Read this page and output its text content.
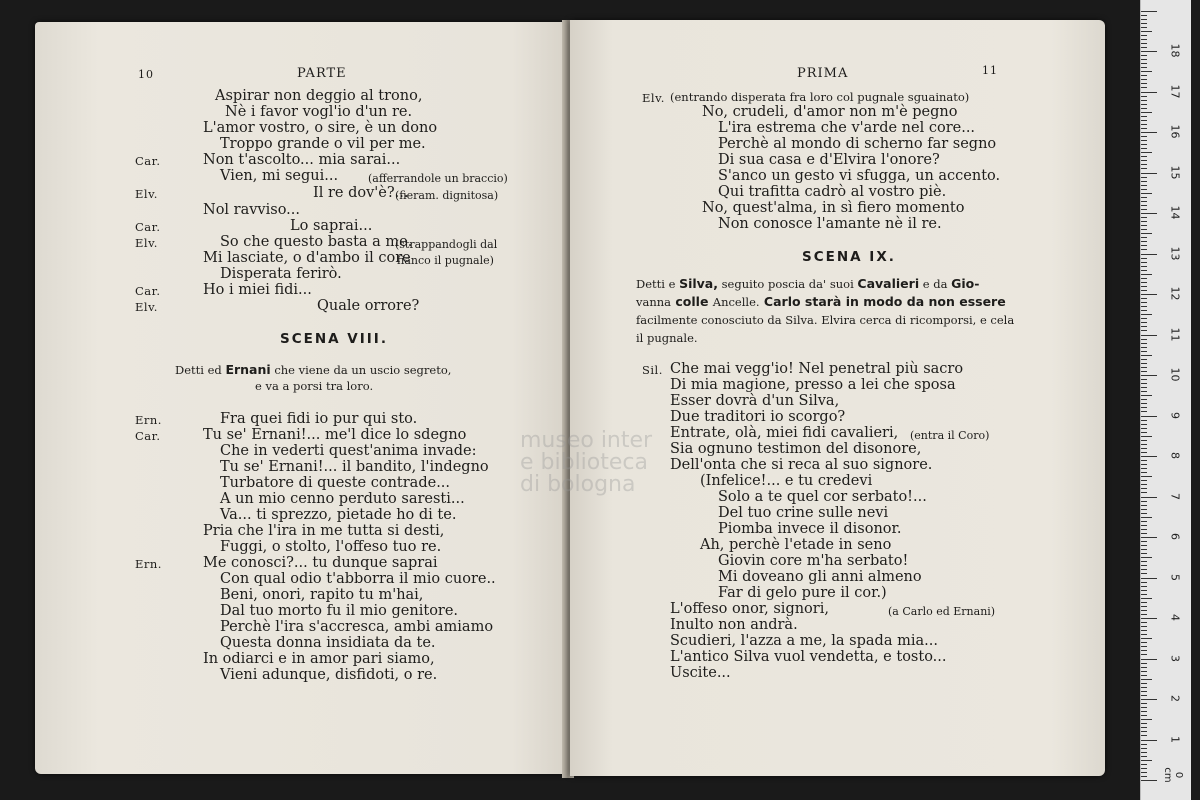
10	PARTE
Aspirar non deggio al trono,
Nè i favor vogl'io d'un re.
L'amor vostro, o sire, è un dono
Troppo grande o vil per me.
Car.	Non t'ascolto... mia sarai...
Vien, mi segui...
Elv.	Il re dov'è?...
Nol ravviso...
Car.	Lo saprai...
Elv.	So che questo basta a me.
Mi lasciate, o d'ambo il core
Disperata ferirò.
Car.	Ho i miei fidi...
Elv.	Quale orrore?
(afferrandole un braccio)
(fieram. dignitosa)
(strappandogli dal
fianco il pugnale)
SCENA VIII.
Detti ed Ernani che viene da un uscio segreto,
e va a porsi tra loro.
Ern.	Fra quei fidi io pur qui sto.
Car.	Tu se' Ernani!... me'l dice lo sdegno
Che in vederti quest'anima invade:
Tu se' Ernani!... il bandito, l'indegno
Turbatore di queste contrade...
A un mio cenno perduto saresti...
Va... ti sprezzo, pietade ho di te.
Pria che l'ira in me tutta si desti,
Fuggi, o stolto, l'offeso tuo re.
Ern.	Me conosci?... tu dunque saprai
Con qual odio t'abborra il mio cuore..
Beni, onori, rapito tu m'hai,
Dal tuo morto fu il mio genitore.
Perchè l'ira s'accresca, ambi amiamo
Questa donna insidiata da te.
In odiarci e in amor pari siamo,
Vieni adunque, disfidoti, o re.
PRIMA	11
Elv. (entrando disperata fra loro col pugnale sguainato)
No, crudeli, d'amor non m'è pegno
L'ira estrema che v'arde nel core...
Perchè al mondo di scherno far segno
Di sua casa e d'Elvira l'onore?
S'anco un gesto vi sfugga, un accento.
Qui trafitta cadrò al vostro piè.
No, quest'alma, in sì fiero momento
Non conosce l'amante nè il re.
SCENA IX.
Detti e Silva, seguito poscia da' suoi Cavalieri e da Gio-
vanna colle Ancelle. Carlo starà in modo da non essere
facilmente conosciuto da Silva. Elvira cerca di ricomporsi, e cela
il pugnale.
Sil. Che mai vegg'io! Nel penetral più sacro
Di mia magione, presso a lei che sposa
Esser dovrà d'un Silva,
Due traditori io scorgo?
Entrate, olà, miei fidi cavalieri,
Sia ognuno testimon del disonore,
Dell'onta che si reca al suo signore.
(Infelice!... e tu credevi
Solo a te quel cor serbato!...
Del tuo crine sulle nevi
Piomba invece il disonor.
Ah, perchè l'etade in seno
Giovin core m'ha serbato!
Mi doveano gli anni almeno
Far di gelo pure il cor.)
L'offeso onor, signori,
Inulto non andrà.
Scudieri, l'azza a me, la spada mia...
L'antico Silva vuol vendetta, e tosto...
Uscite...
(entra il Coro)
(a Carlo ed Ernani)
museo inter
e biblioteca
di bologna
0 cm
1
2
3
4
5
6
7
8
9
10
11
12
13
14
15
16
17
18
